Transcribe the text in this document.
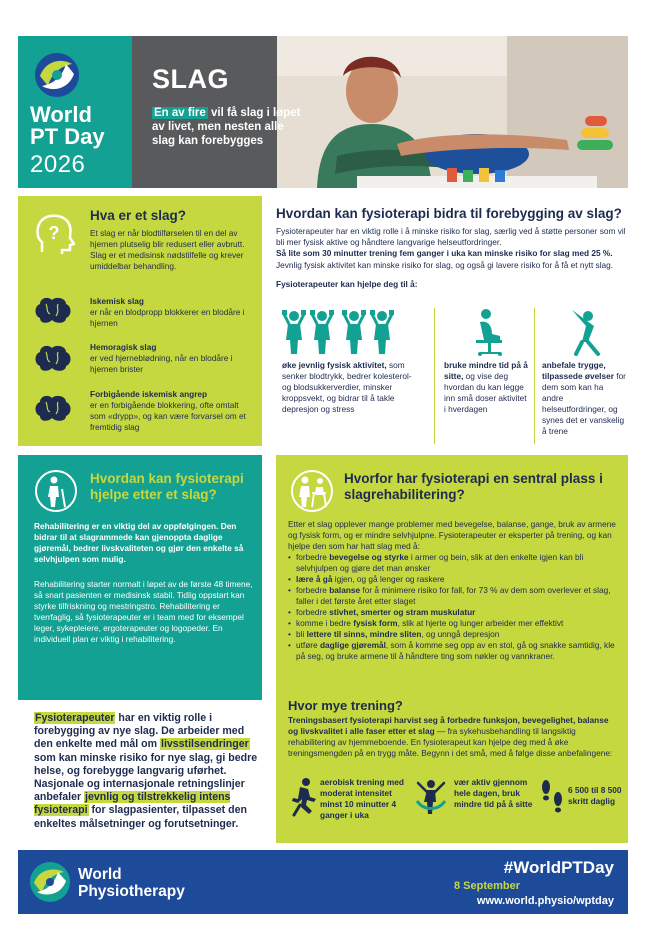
World
PT Day
2026
SLAG
En av fire vil få slag i løpet av livet, men nesten alle slag kan forebygges
?
Hva er et slag?
Et slag er når blodtilførselen til en del av hjernen plutselig blir redusert eller avbrutt. Slag er et medisinsk nødstilfelle og krever umiddelbar behandling.
Iskemisk slag
er når en blodpropp blokkerer en blodåre i hjernen
Hemoragisk slag
er ved hjerneblødning, når en blodåre i hjernen brister
Forbigående iskemisk angrep
er en forbigående blokkering, ofte omtalt som «drypp», og kan være forvarsel om et fremtidig slag
Hvordan kan fysioterapi bidra til forebygging av slag?
Fysioterapeuter har en viktig rolle i å minske risiko for slag, særlig ved å støtte personer som vil bli mer fysisk aktive og håndtere langvarige helseutfordringer.
Så lite som 30 minutter trening fem ganger i uka kan minske risiko for slag med 25 %. Jevnlig fysisk aktivitet kan minske risiko for slag, og også gi lavere risiko for å få et nytt slag.
Fysioterapeuter kan hjelpe deg til å:
øke jevnlig fysisk aktivitet, som senker blodtrykk, bedrer kolesterol- og blodsukkerverdier, minsker kroppsvekt, og bidrar til å takle depresjon og stress
bruke mindre tid på å sitte, og vise deg hvordan du kan legge inn små doser aktivitet i hverdagen
anbefale trygge, tilpassede øvelser for dem som kan ha andre helseutfordringer, og synes det er vanskelig å trene
Hvordan kan fysioterapi hjelpe etter et slag?
Rehabilitering er en viktig del av oppfølgingen. Den bidrar til at slagrammede kan gjenoppta daglige gjøremål, bedrer livskvaliteten og gjør den enkelte så selvhjulpen som mulig.
Rehabilitering starter normalt i løpet av de første 48 timene, så snart pasienten er medisinsk stabil. Tidlig oppstart kan styrke tilfriskning og mestringstro. Rehabilitering er tverrfaglig, så fysioterapeuter er i team med for eksempel leger, sykepleiere, ergoterapeuter og logopeder. En individuell plan er viktig i rehabilitering.
Fysioterapeuter har en viktig rolle i forebygging av nye slag. De arbeider med den enkelte med mål om livsstilsendringer som kan minske risiko for nye slag, gi bedre helse, og forebygge langvarig uførhet. Nasjonale og internasjonale retningslinjer anbefaler jevnlig og tilstrekkelig intens fysioterapi for slagpasienter, tilpasset den enkeltes målsetninger og forutsetninger.
Hvorfor har fysioterapi en sentral plass i slagrehabilitering?
Etter et slag opplever mange problemer med bevegelse, balanse, gange, bruk av armene og fysisk form, og er mindre selvhjulpne. Fysioterapeuter er eksperter på trening, og kan hjelpe den som har hatt slag med å:
• forbedre bevegelse og styrke i armer og bein, slik at den enkelte igjen kan bli selvhjulpen og gjøre det man ønsker
• lære å gå igjen, og gå lenger og raskere
• forbedre balanse for å minimere risiko for fall, for 73 % av dem som overlever et slag, faller i det første året etter slaget
• forbedre stivhet, smerter og stram muskulatur
• komme i bedre fysisk form, slik at hjerte og lunger arbeider mer effektivt
• bli lettere til sinns, mindre sliten, og unngå depresjon
• utføre daglige gjøremål, som å komme seg opp av en stol, gå og snakke samtidig, kle på seg, og bruke armene til å håndtere ting som nøkler og vannkraner.
Hvor mye trening?
Treningsbasert fysioterapi harvist seg å forbedre funksjon, bevegelighet, balanse og livskvalitet i alle faser etter et slag — fra sykehusbehandling til langsiktig rehabilitering av hjemmeboende. En fysioterapeut kan hjelpe deg med å øke treningsmengden på en trygg måte. Begynn i det små, med å følge disse anbefalingene:
aerobisk trening med moderat intensitet minst 10 minutter 4 ganger i uka
vær aktiv gjennom hele dagen, bruk mindre tid på å sitte
6 500 til 8 500 skritt daglig
World
Physiotherapy
#WorldPTDay
8 September
www.world.physio/wptday
